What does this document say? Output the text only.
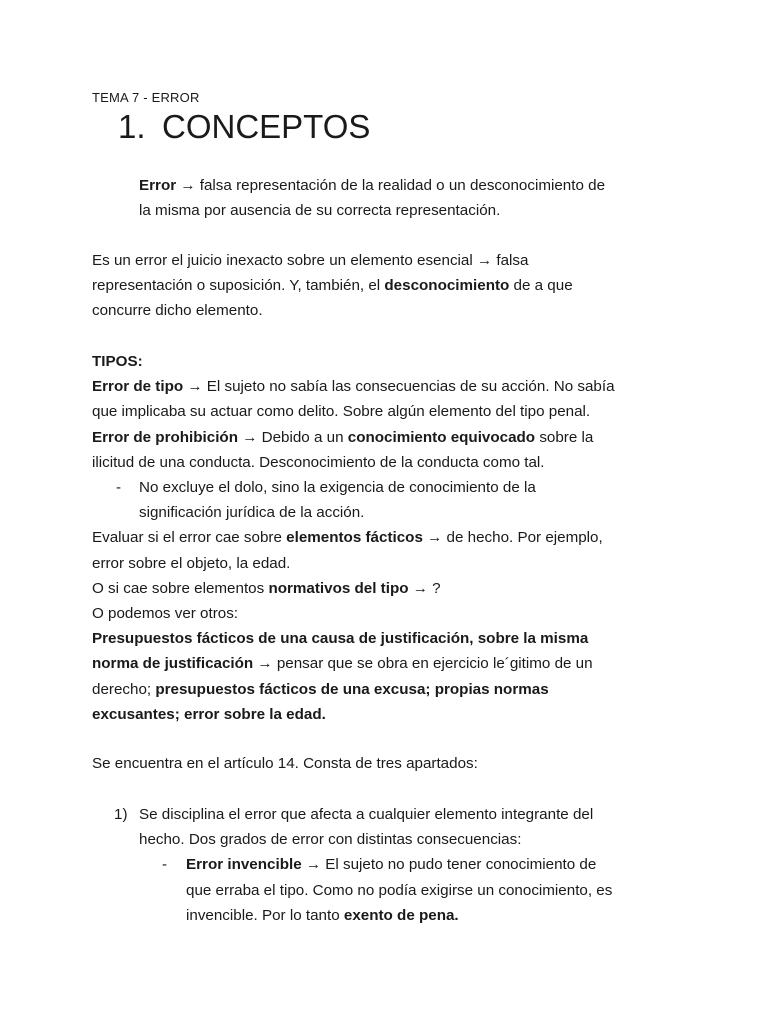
TEMA 7 - ERROR
1. CONCEPTOS
Error → falsa representación de la realidad o un desconocimiento de
la misma por ausencia de su correcta representación.
Es un error el juicio inexacto sobre un elemento esencial → falsa
representación o suposición. Y, también, el desconocimiento de a que
concurre dicho elemento.
TIPOS:
Error de tipo → El sujeto no sabía las consecuencias de su acción. No sabía
que implicaba su actuar como delito. Sobre algún elemento del tipo penal.
Error de prohibición → Debido a un conocimiento equivocado sobre la
ilicitud de una conducta. Desconocimiento de la conducta como tal.
- No excluye el dolo, sino la exigencia de conocimiento de la
significación jurídica de la acción.
Evaluar si el error cae sobre elementos fácticos → de hecho. Por ejemplo,
error sobre el objeto, la edad.
O si cae sobre elementos normativos del tipo → ?
O podemos ver otros:
Presupuestos fácticos de una causa de justificación, sobre la misma
norma de justificación → pensar que se obra en ejercicio le´gitimo de un
derecho; presupuestos fácticos de una excusa; propias normas
excusantes; error sobre la edad.
Se encuentra en el artículo 14. Consta de tres apartados:
1) Se disciplina el error que afecta a cualquier elemento integrante del
hecho. Dos grados de error con distintas consecuencias:
- Error invencible → El sujeto no pudo tener conocimiento de
que erraba el tipo. Como no podía exigirse un conocimiento, es
invencible. Por lo tanto exento de pena.
